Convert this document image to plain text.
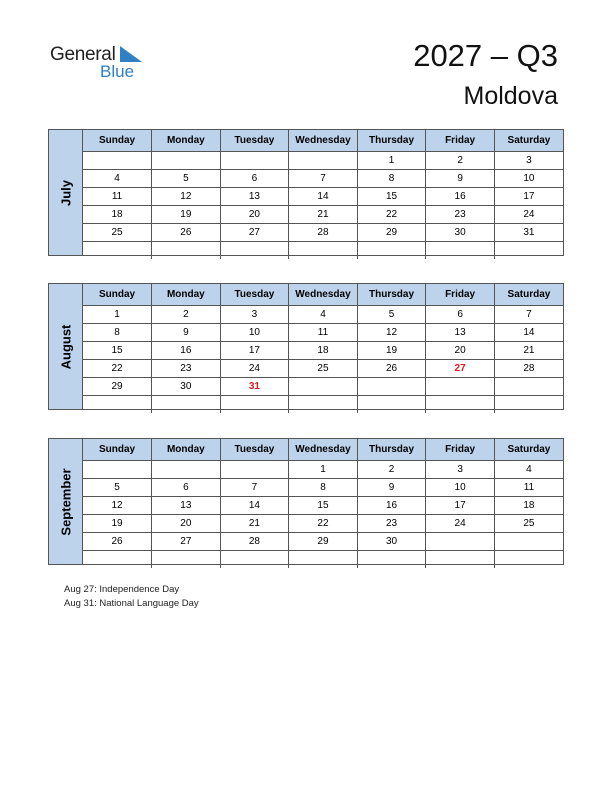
General
Blue	2027 – Q3
Moldova
July
Sunday	Monday	Tuesday	Wednesday	Thursday	Friday	Saturday
				1	2	3
4	5	6	7	8	9	10
11	12	13	14	15	16	17
18	19	20	21	22	23	24
25	26	27	28	29	30	31

August
Sunday	Monday	Tuesday	Wednesday	Thursday	Friday	Saturday
1	2	3	4	5	6	7
8	9	10	11	12	13	14
15	16	17	18	19	20	21
22	23	24	25	26	27	28
29	30	31				

September
Sunday	Monday	Tuesday	Wednesday	Thursday	Friday	Saturday
			1	2	3	4
5	6	7	8	9	10	11
12	13	14	15	16	17	18
19	20	21	22	23	24	25
26	27	28	29	30		

Aug 27: Independence Day
Aug 31: National Language Day
